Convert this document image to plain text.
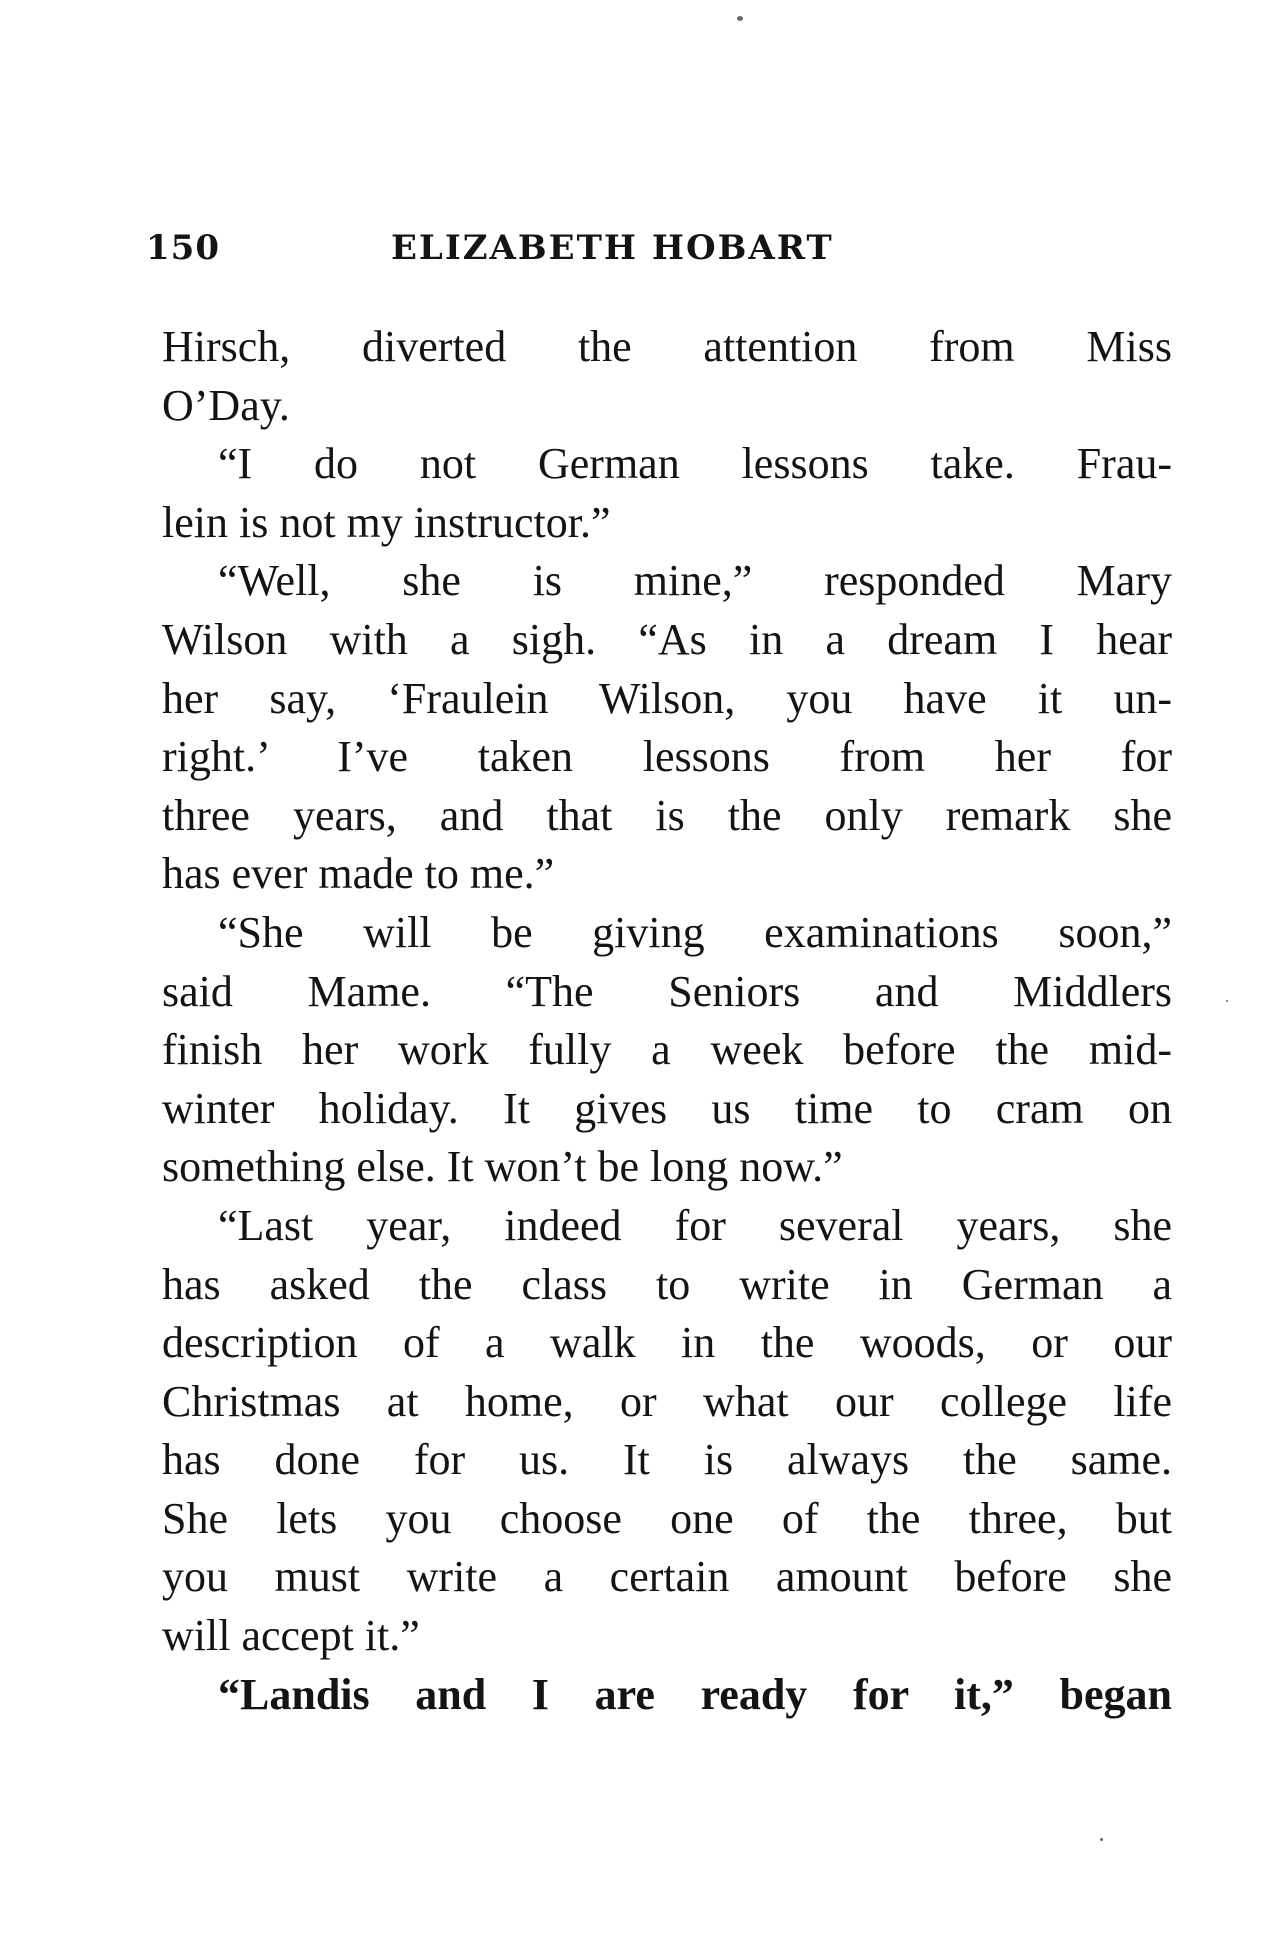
150	ELIZABETH HOBART
Hirsch, diverted the attention from Miss
O’Day.
“I do not German lessons take. Frau-
lein is not my instructor.”
“Well, she is mine,” responded Mary
Wilson with a sigh. “As in a dream I hear
her say, ‘Fraulein Wilson, you have it un-
right.’ I’ve taken lessons from her for
three years, and that is the only remark she
has ever made to me.”
“She will be giving examinations soon,”
said Mame. “The Seniors and Middlers
finish her work fully a week before the mid-
winter holiday. It gives us time to cram on
something else. It won’t be long now.”
“Last year, indeed for several years, she
has asked the class to write in German a
description of a walk in the woods, or our
Christmas at home, or what our college life
has done for us. It is always the same.
She lets you choose one of the three, but
you must write a certain amount before she
will accept it.”
“Landis and I are ready for it,” began
